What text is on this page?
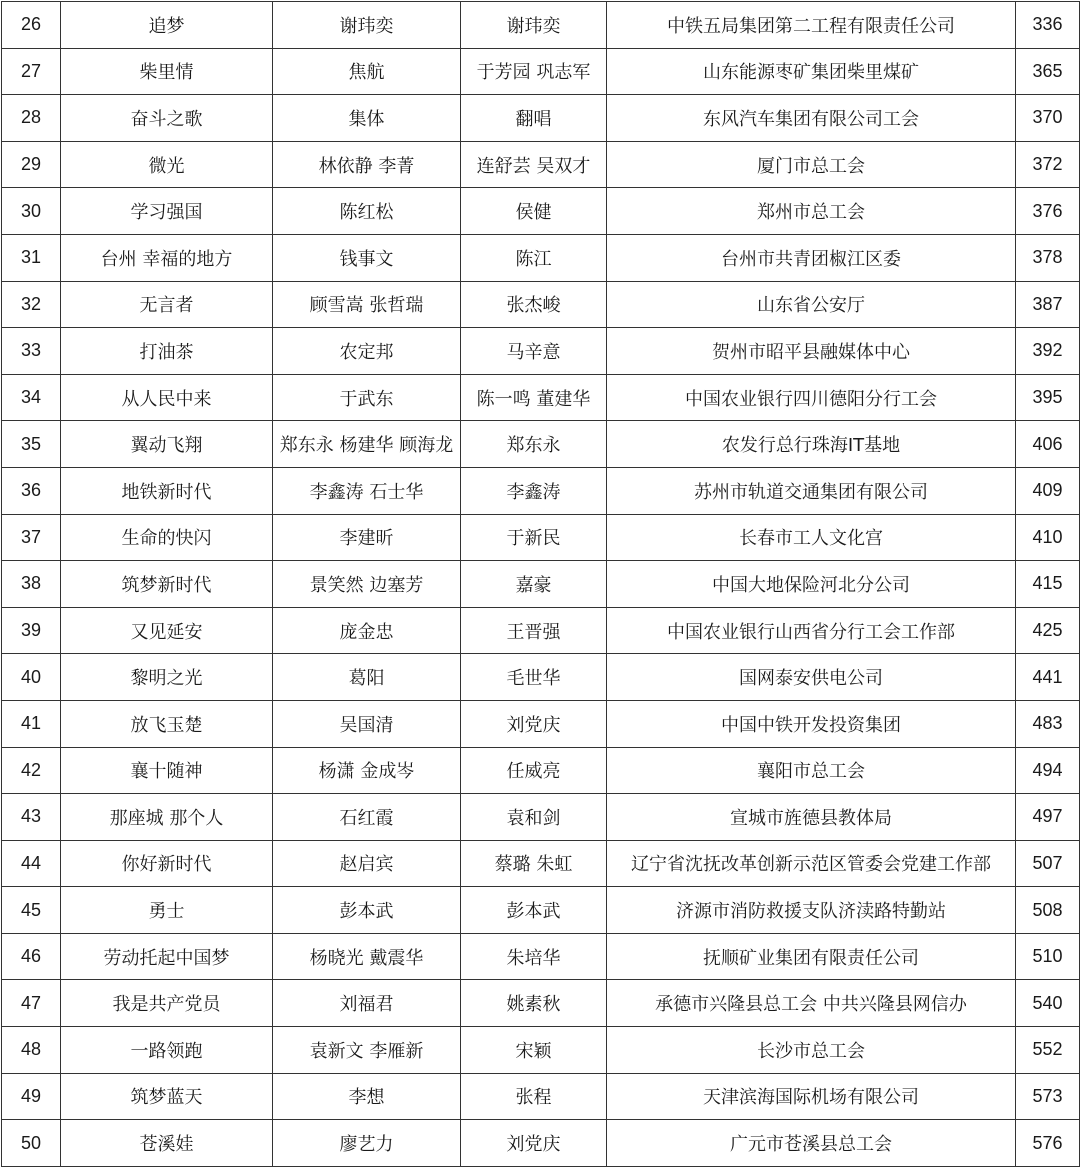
26	追梦	谢玮奕	谢玮奕	中铁五局集团第二工程有限责任公司	336
27	柴里情	焦航	于芳园 巩志军	山东能源枣矿集团柴里煤矿	365
28	奋斗之歌	集体	翻唱	东风汽车集团有限公司工会	370
29	微光	林依静 李菁	连舒芸 吴双才	厦门市总工会	372
30	学习强国	陈红松	侯健	郑州市总工会	376
31	台州 幸福的地方	钱事文	陈江	台州市共青团椒江区委	378
32	无言者	顾雪嵩 张哲瑞	张杰峻	山东省公安厅	387
33	打油茶	农定邦	马辛意	贺州市昭平县融媒体中心	392
34	从人民中来	于武东	陈一鸣 董建华	中国农业银行四川德阳分行工会	395
35	翼动飞翔	郑东永 杨建华 顾海龙	郑东永	农发行总行珠海IT基地	406
36	地铁新时代	李鑫涛 石士华	李鑫涛	苏州市轨道交通集团有限公司	409
37	生命的快闪	李建昕	于新民	长春市工人文化宫	410
38	筑梦新时代	景笑然 边塞芳	嘉豪	中国大地保险河北分公司	415
39	又见延安	庞金忠	王晋强	中国农业银行山西省分行工会工作部	425
40	黎明之光	葛阳	毛世华	国网泰安供电公司	441
41	放飞玉楚	吴国清	刘党庆	中国中铁开发投资集团	483
42	襄十随神	杨潇 金成岑	任威亮	襄阳市总工会	494
43	那座城 那个人	石红霞	袁和剑	宣城市旌德县教体局	497
44	你好新时代	赵启宾	蔡璐 朱虹	辽宁省沈抚改革创新示范区管委会党建工作部	507
45	勇士	彭本武	彭本武	济源市消防救援支队济渎路特勤站	508
46	劳动托起中国梦	杨晓光 戴震华	朱培华	抚顺矿业集团有限责任公司	510
47	我是共产党员	刘福君	姚素秋	承德市兴隆县总工会 中共兴隆县网信办	540
48	一路领跑	袁新文 李雁新	宋颖	长沙市总工会	552
49	筑梦蓝天	李想	张程	天津滨海国际机场有限公司	573
50	苍溪娃	廖艺力	刘党庆	广元市苍溪县总工会	576
